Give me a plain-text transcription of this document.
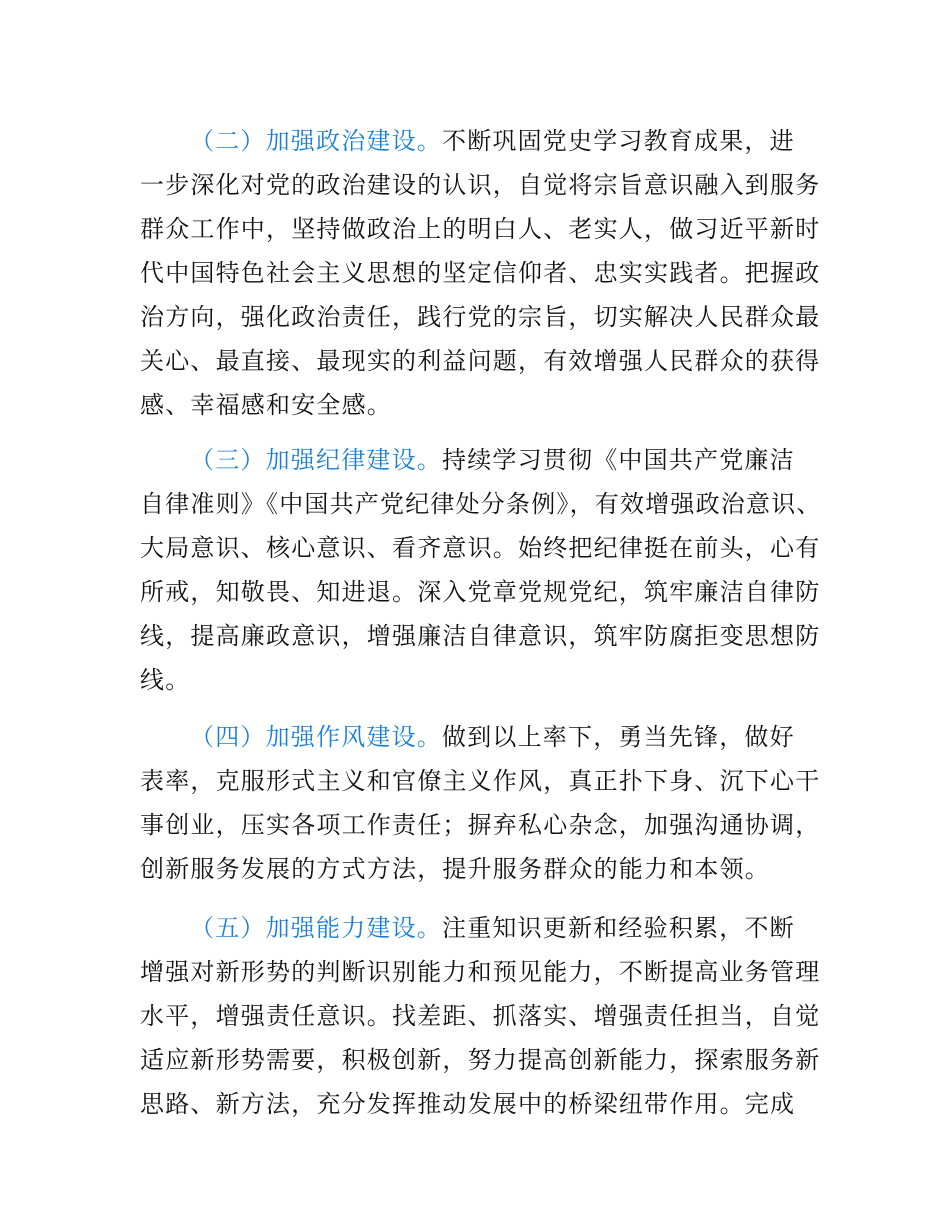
（二）加强政治建设。不断巩固党史学习教育成果，进
一步深化对党的政治建设的认识，自觉将宗旨意识融入到服务
群众工作中，坚持做政治上的明白人、老实人，做习近平新时
代中国特色社会主义思想的坚定信仰者、忠实实践者。把握政
治方向，强化政治责任，践行党的宗旨，切实解决人民群众最
关心、最直接、最现实的利益问题，有效增强人民群众的获得
感、幸福感和安全感。
（三）加强纪律建设。持续学习贯彻《中国共产党廉洁
自律准则》《中国共产党纪律处分条例》，有效增强政治意识、
大局意识、核心意识、看齐意识。始终把纪律挺在前头，心有
所戒，知敬畏、知进退。深入党章党规党纪，筑牢廉洁自律防
线，提高廉政意识，增强廉洁自律意识，筑牢防腐拒变思想防
线。
（四）加强作风建设。做到以上率下，勇当先锋，做好
表率，克服形式主义和官僚主义作风，真正扑下身、沉下心干
事创业，压实各项工作责任；摒弃私心杂念，加强沟通协调，
创新服务发展的方式方法，提升服务群众的能力和本领。
（五）加强能力建设。注重知识更新和经验积累，不断
增强对新形势的判断识别能力和预见能力，不断提高业务管理
水平，增强责任意识。找差距、抓落实、增强责任担当，自觉
适应新形势需要，积极创新，努力提高创新能力，探索服务新
思路、新方法，充分发挥推动发展中的桥梁纽带作用。完成
